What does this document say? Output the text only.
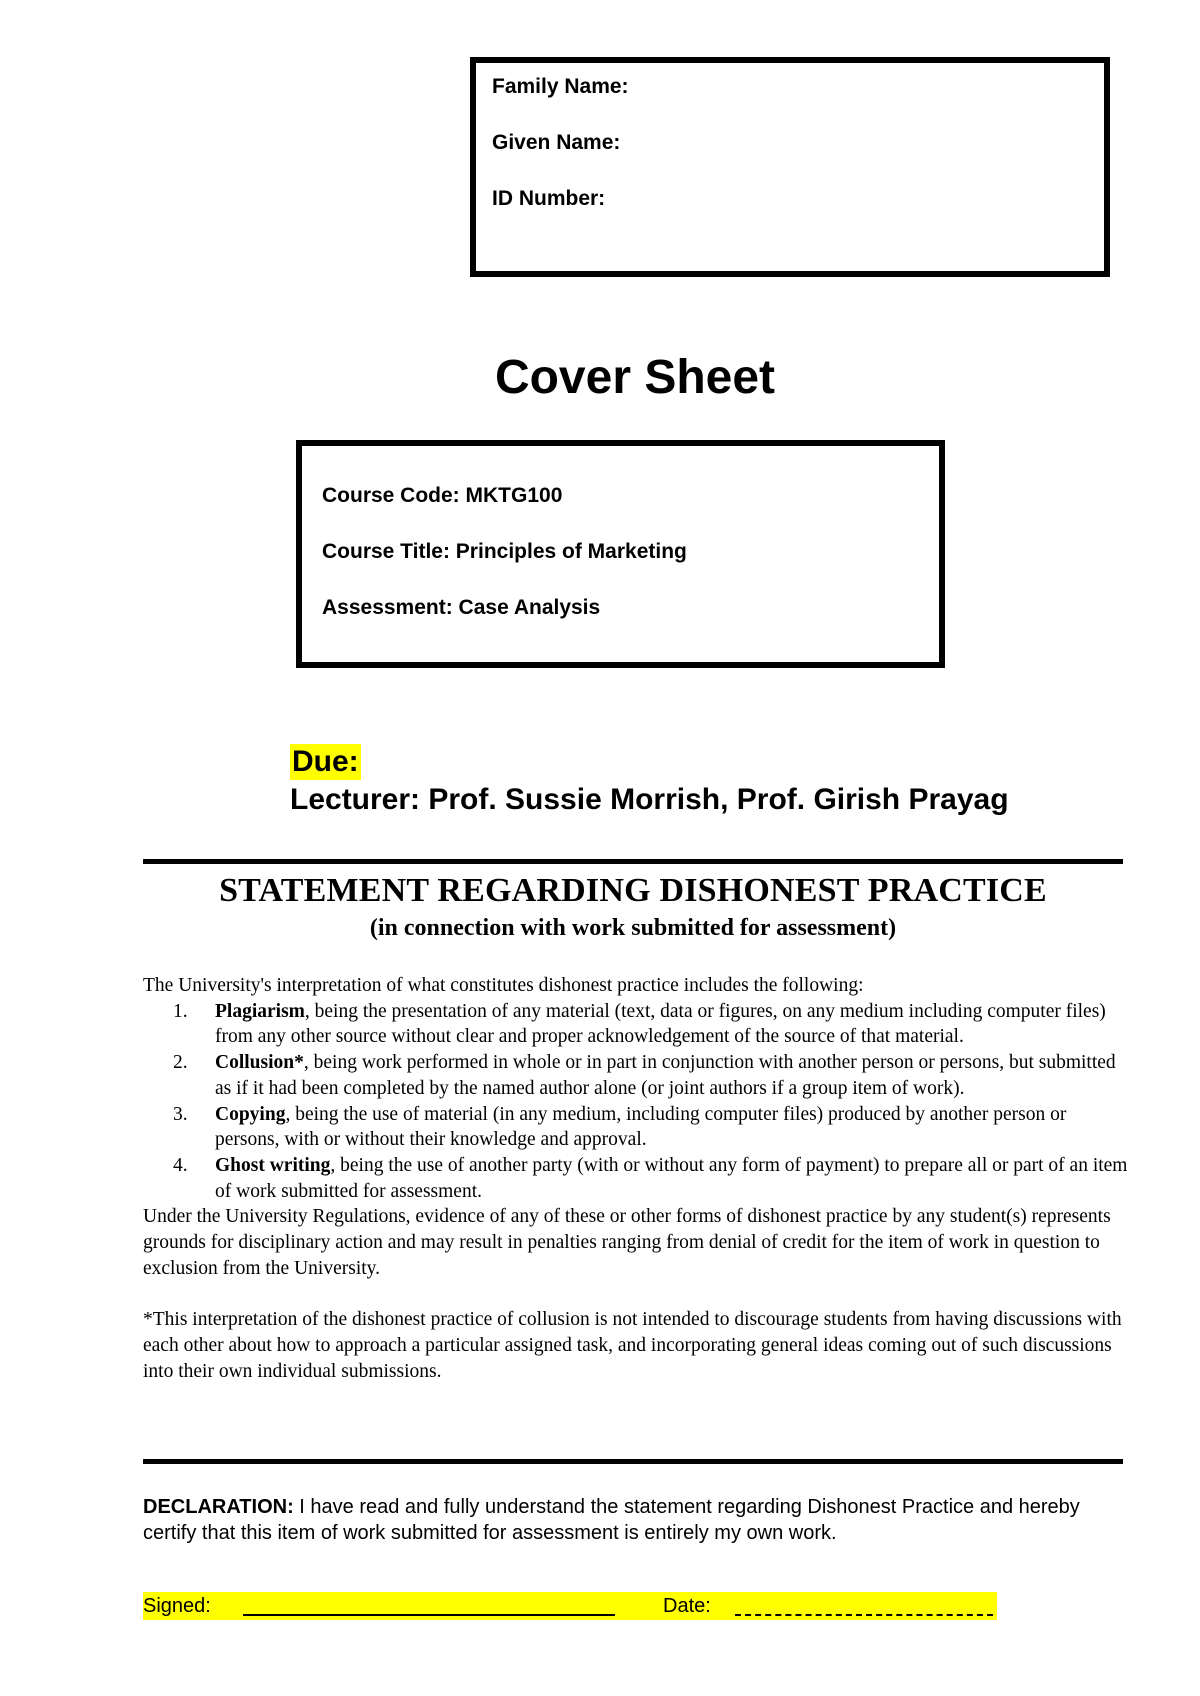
Family Name:

Given Name:

ID Number:

Cover Sheet

Course Code: MKTG100

Course Title: Principles of Marketing

Assessment: Case Analysis

Due:

Lecturer: Prof. Sussie Morrish, Prof. Girish Prayag

STATEMENT REGARDING DISHONEST PRACTICE

(in connection with work submitted for assessment)

The University's interpretation of what constitutes dishonest practice includes the following:

1. Plagiarism, being the presentation of any material (text, data or figures, on any medium including computer files) from any other source without clear and proper acknowledgement of the source of that material.
2. Collusion*, being work performed in whole or in part in conjunction with another person or persons, but submitted as if it had been completed by the named author alone (or joint authors if a group item of work).
3. Copying, being the use of material (in any medium, including computer files) produced by another person or persons, with or without their knowledge and approval.
4. Ghost writing, being the use of another party (with or without any form of payment) to prepare all or part of an item of work submitted for assessment.

Under the University Regulations, evidence of any of these or other forms of dishonest practice by any student(s) represents grounds for disciplinary action and may result in penalties ranging from denial of credit for the item of work in question to exclusion from the University.

*This interpretation of the dishonest practice of collusion is not intended to discourage students from having discussions with each other about how to approach a particular assigned task, and incorporating general ideas coming out of such discussions into their own individual submissions.

DECLARATION: I have read and fully understand the statement regarding Dishonest Practice and hereby certify that this item of work submitted for assessment is entirely my own work.

Signed:	Date:
